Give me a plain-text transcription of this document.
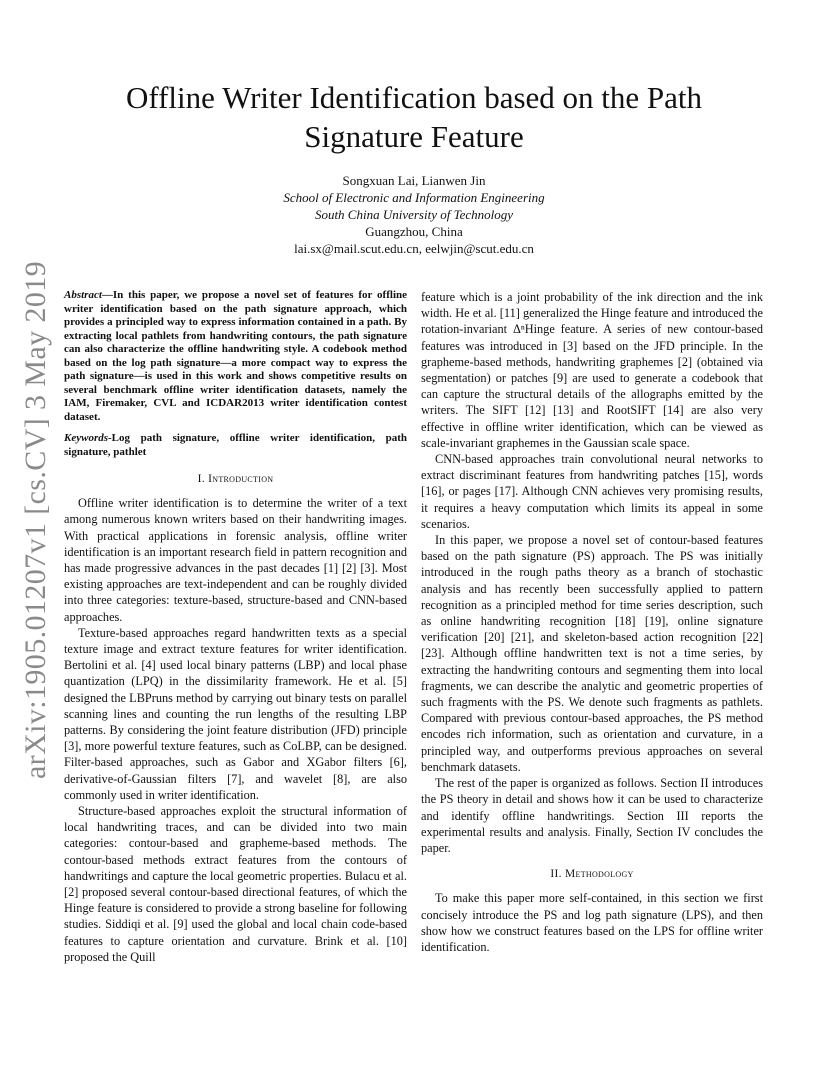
arXiv:1905.01207v1 [cs.CV] 3 May 2019
Offline Writer Identification based on the Path
Signature Feature
Songxuan Lai, Lianwen Jin
School of Electronic and Information Engineering
South China University of Technology
Guangzhou, China
lai.sx@mail.scut.edu.cn, eelwjin@scut.edu.cn

Abstract—In this paper, we propose a novel set of features for offline writer identification based on the path signature approach, which provides a principled way to express information contained in a path. By extracting local pathlets from handwriting contours, the path signature can also characterize the offline handwriting style. A codebook method based on the log path signature—a more compact way to express the path signature—is used in this work and shows competitive results on several benchmark offline writer identification datasets, namely the IAM, Firemaker, CVL and ICDAR2013 writer identification contest dataset.

Keywords-Log path signature, offline writer identification, path signature, pathlet

I. Introduction

Offline writer identification is to determine the writer of a text among numerous known writers based on their handwriting images. With practical applications in forensic analysis, offline writer identification is an important research field in pattern recognition and has made progressive advances in the past decades [1] [2] [3]. Most existing approaches are text-independent and can be roughly divided into three categories: texture-based, structure-based and CNN-based approaches.

Texture-based approaches regard handwritten texts as a special texture image and extract texture features for writer identification. Bertolini et al. [4] used local binary patterns (LBP) and local phase quantization (LPQ) in the dissimilarity framework. He et al. [5] designed the LBPruns method by carrying out binary tests on parallel scanning lines and counting the run lengths of the resulting LBP patterns. By considering the joint feature distribution (JFD) principle [3], more powerful texture features, such as CoLBP, can be designed. Filter-based approaches, such as Gabor and XGabor filters [6], derivative-of-Gaussian filters [7], and wavelet [8], are also commonly used in writer identification.

Structure-based approaches exploit the structural information of local handwriting traces, and can be divided into two main categories: contour-based and grapheme-based methods. The contour-based methods extract features from the contours of handwritings and capture the local geometric properties. Bulacu et al. [2] proposed several contour-based directional features, of which the Hinge feature is considered to provide a strong baseline for following studies. Siddiqi et al. [9] used the global and local chain code-based features to capture orientation and curvature. Brink et al. [10] proposed the Quill

feature which is a joint probability of the ink direction and the ink width. He et al. [11] generalized the Hinge feature and introduced the rotation-invariant ΔⁿHinge feature. A series of new contour-based features was introduced in [3] based on the JFD principle. In the grapheme-based methods, handwriting graphemes [2] (obtained via segmentation) or patches [9] are used to generate a codebook that can capture the structural details of the allographs emitted by the writers. The SIFT [12] [13] and RootSIFT [14] are also very effective in offline writer identification, which can be viewed as scale-invariant graphemes in the Gaussian scale space.

CNN-based approaches train convolutional neural networks to extract discriminant features from handwriting patches [15], words [16], or pages [17]. Although CNN achieves very promising results, it requires a heavy computation which limits its appeal in some scenarios.

In this paper, we propose a novel set of contour-based features based on the path signature (PS) approach. The PS was initially introduced in the rough paths theory as a branch of stochastic analysis and has recently been successfully applied to pattern recognition as a principled method for time series description, such as online handwriting recognition [18] [19], online signature verification [20] [21], and skeleton-based action recognition [22] [23]. Although offline handwritten text is not a time series, by extracting the handwriting contours and segmenting them into local fragments, we can describe the analytic and geometric properties of such fragments with the PS. We denote such fragments as pathlets. Compared with previous contour-based approaches, the PS method encodes rich information, such as orientation and curvature, in a principled way, and outperforms previous approaches on several benchmark datasets.

The rest of the paper is organized as follows. Section II introduces the PS theory in detail and shows how it can be used to characterize and identify offline handwritings. Section III reports the experimental results and analysis. Finally, Section IV concludes the paper.

II. Methodology

To make this paper more self-contained, in this section we first concisely introduce the PS and log path signature (LPS), and then show how we construct features based on the LPS for offline writer identification.
